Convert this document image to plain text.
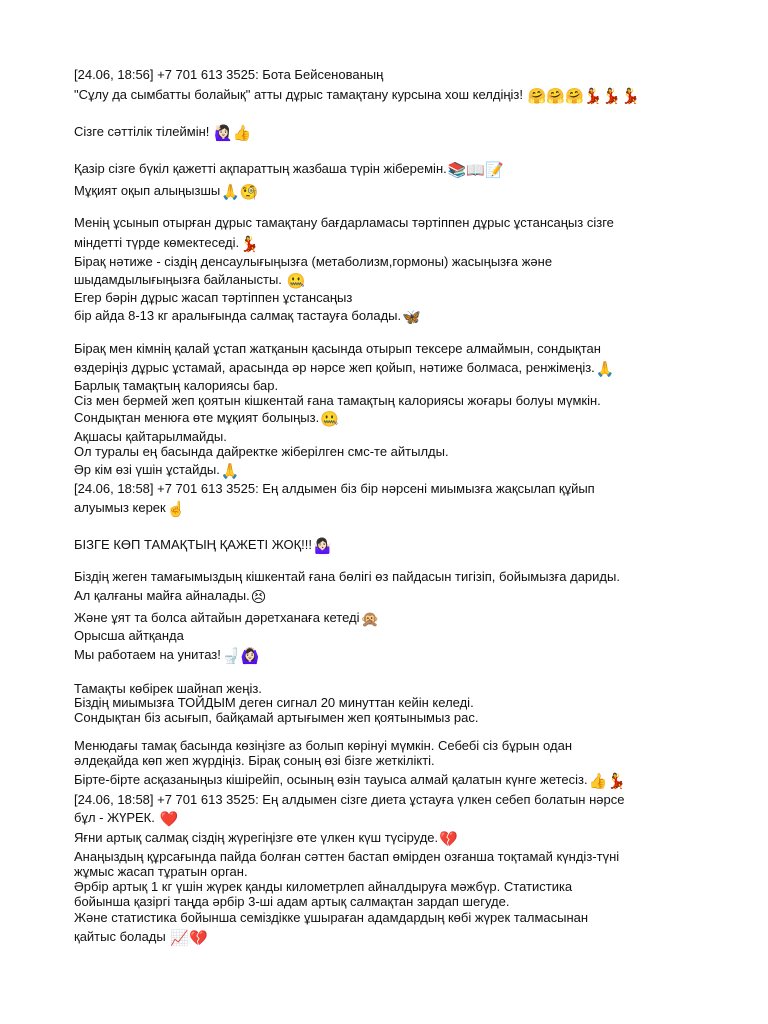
[24.06, 18:56] +7 701 613 3525: Бота Бейсенованың
"Сұлу да сымбатты болайық" атты дұрыс тамақтану курсына хош келдіңіз! 🤗🤗🤗💃💃💃
Сізге сәттілік тілеймін! 🙋🏻‍♀️👍
Қазір сізге бүкіл қажетті ақпараттың жазбаша түрін жіберемін.📚📖📝
Мұқият оқып алыңызшы🙏🧐
Менің ұсынып отырған дұрыс тамақтану бағдарламасы тәртіппен дұрыс ұстансаңыз сізге
міндетті түрде көмектеседі.💃
Бірақ нәтиже - сіздің денсаулығыңызға (метаболизм,гормоны) жасыңызға және
шыдамдылығыңызға байланысты. 🤐
Егер бәрін дұрыс жасап тәртіппен ұстансаңыз
бір айда 8-13 кг аралығында салмақ тастауға болады.🦋
Бірақ мен кімнің қалай ұстап жатқанын қасында отырып тексере алмаймын, сондықтан
өздеріңіз дұрыс ұстамай, арасында әр нәрсе жеп қойып, нәтиже болмаса, ренжімеңіз.🙏
Барлық тамақтың калориясы бар.
Сіз мен бермей жеп қоятын кішкентай ғана тамақтың калориясы жоғары болуы мүмкін.
Сондықтан менюға өте мұқият болыңыз.🤐
Ақшасы қайтарылмайды.
Ол туралы ең басында дайректке жіберілген смс-те айтылды.
Әр кім өзі үшін ұстайды.🙏
[24.06, 18:58] +7 701 613 3525: Ең алдымен біз бір нәрсені миымызға жақсылап құйып
алуымыз керек☝️
БІЗГЕ КӨП ТАМАҚТЫҢ ҚАЖЕТІ ЖОҚ!!!🤷🏻‍♀️
Біздің жеген тамағымыздың кішкентай ғана бөлігі өз пайдасын тигізіп, бойымызға дариды.
Ал қалғаны майға айналады.😣
Және ұят та болса айтайын дәретханаға кетеді🙊
Орысша айтқанда
Мы работаем на унитаз!🚽🙆🏻‍♀️
Тамақты көбірек шайнап жеңіз.
Біздің миымызға ТОЙДЫМ деген сигнал 20 минуттан кейін келеді.
Сондықтан біз асығып, байқамай артығымен жеп қоятынымыз рас.
Менюдағы тамақ басында көзіңізге аз болып көрінуі мүмкін. Себебі сіз бұрын одан
әлдеқайда көп жеп жүрдіңіз. Бірақ соның өзі бізге жеткілікті.
Бірте-бірте асқазаныңыз кішірейіп, осының өзін тауыса алмай қалатын күнге жетесіз.👍💃
[24.06, 18:58] +7 701 613 3525: Ең алдымен сізге диета ұстауға үлкен себеп болатын нәрсе
бұл - ЖҮРЕК. ❤️
Яғни артық салмақ сіздің жүрегіңізге өте үлкен күш түсіруде.💔
Анаңыздың құрсағында пайда болған сәттен бастап өмірден озғанша тоқтамай күндіз-түні
жұмыс жасап тұратын орган.
Әрбір артық 1 кг үшін жүрек қанды километрлеп айналдыруға мәжбүр. Статистика
бойынша қазіргі таңда әрбір 3-ші адам артық салмақтан зардап шегуде.
Және статистика бойынша семіздікке ұшыраған адамдардың көбі жүрек талмасынан
қайтыс болады 📈💔
